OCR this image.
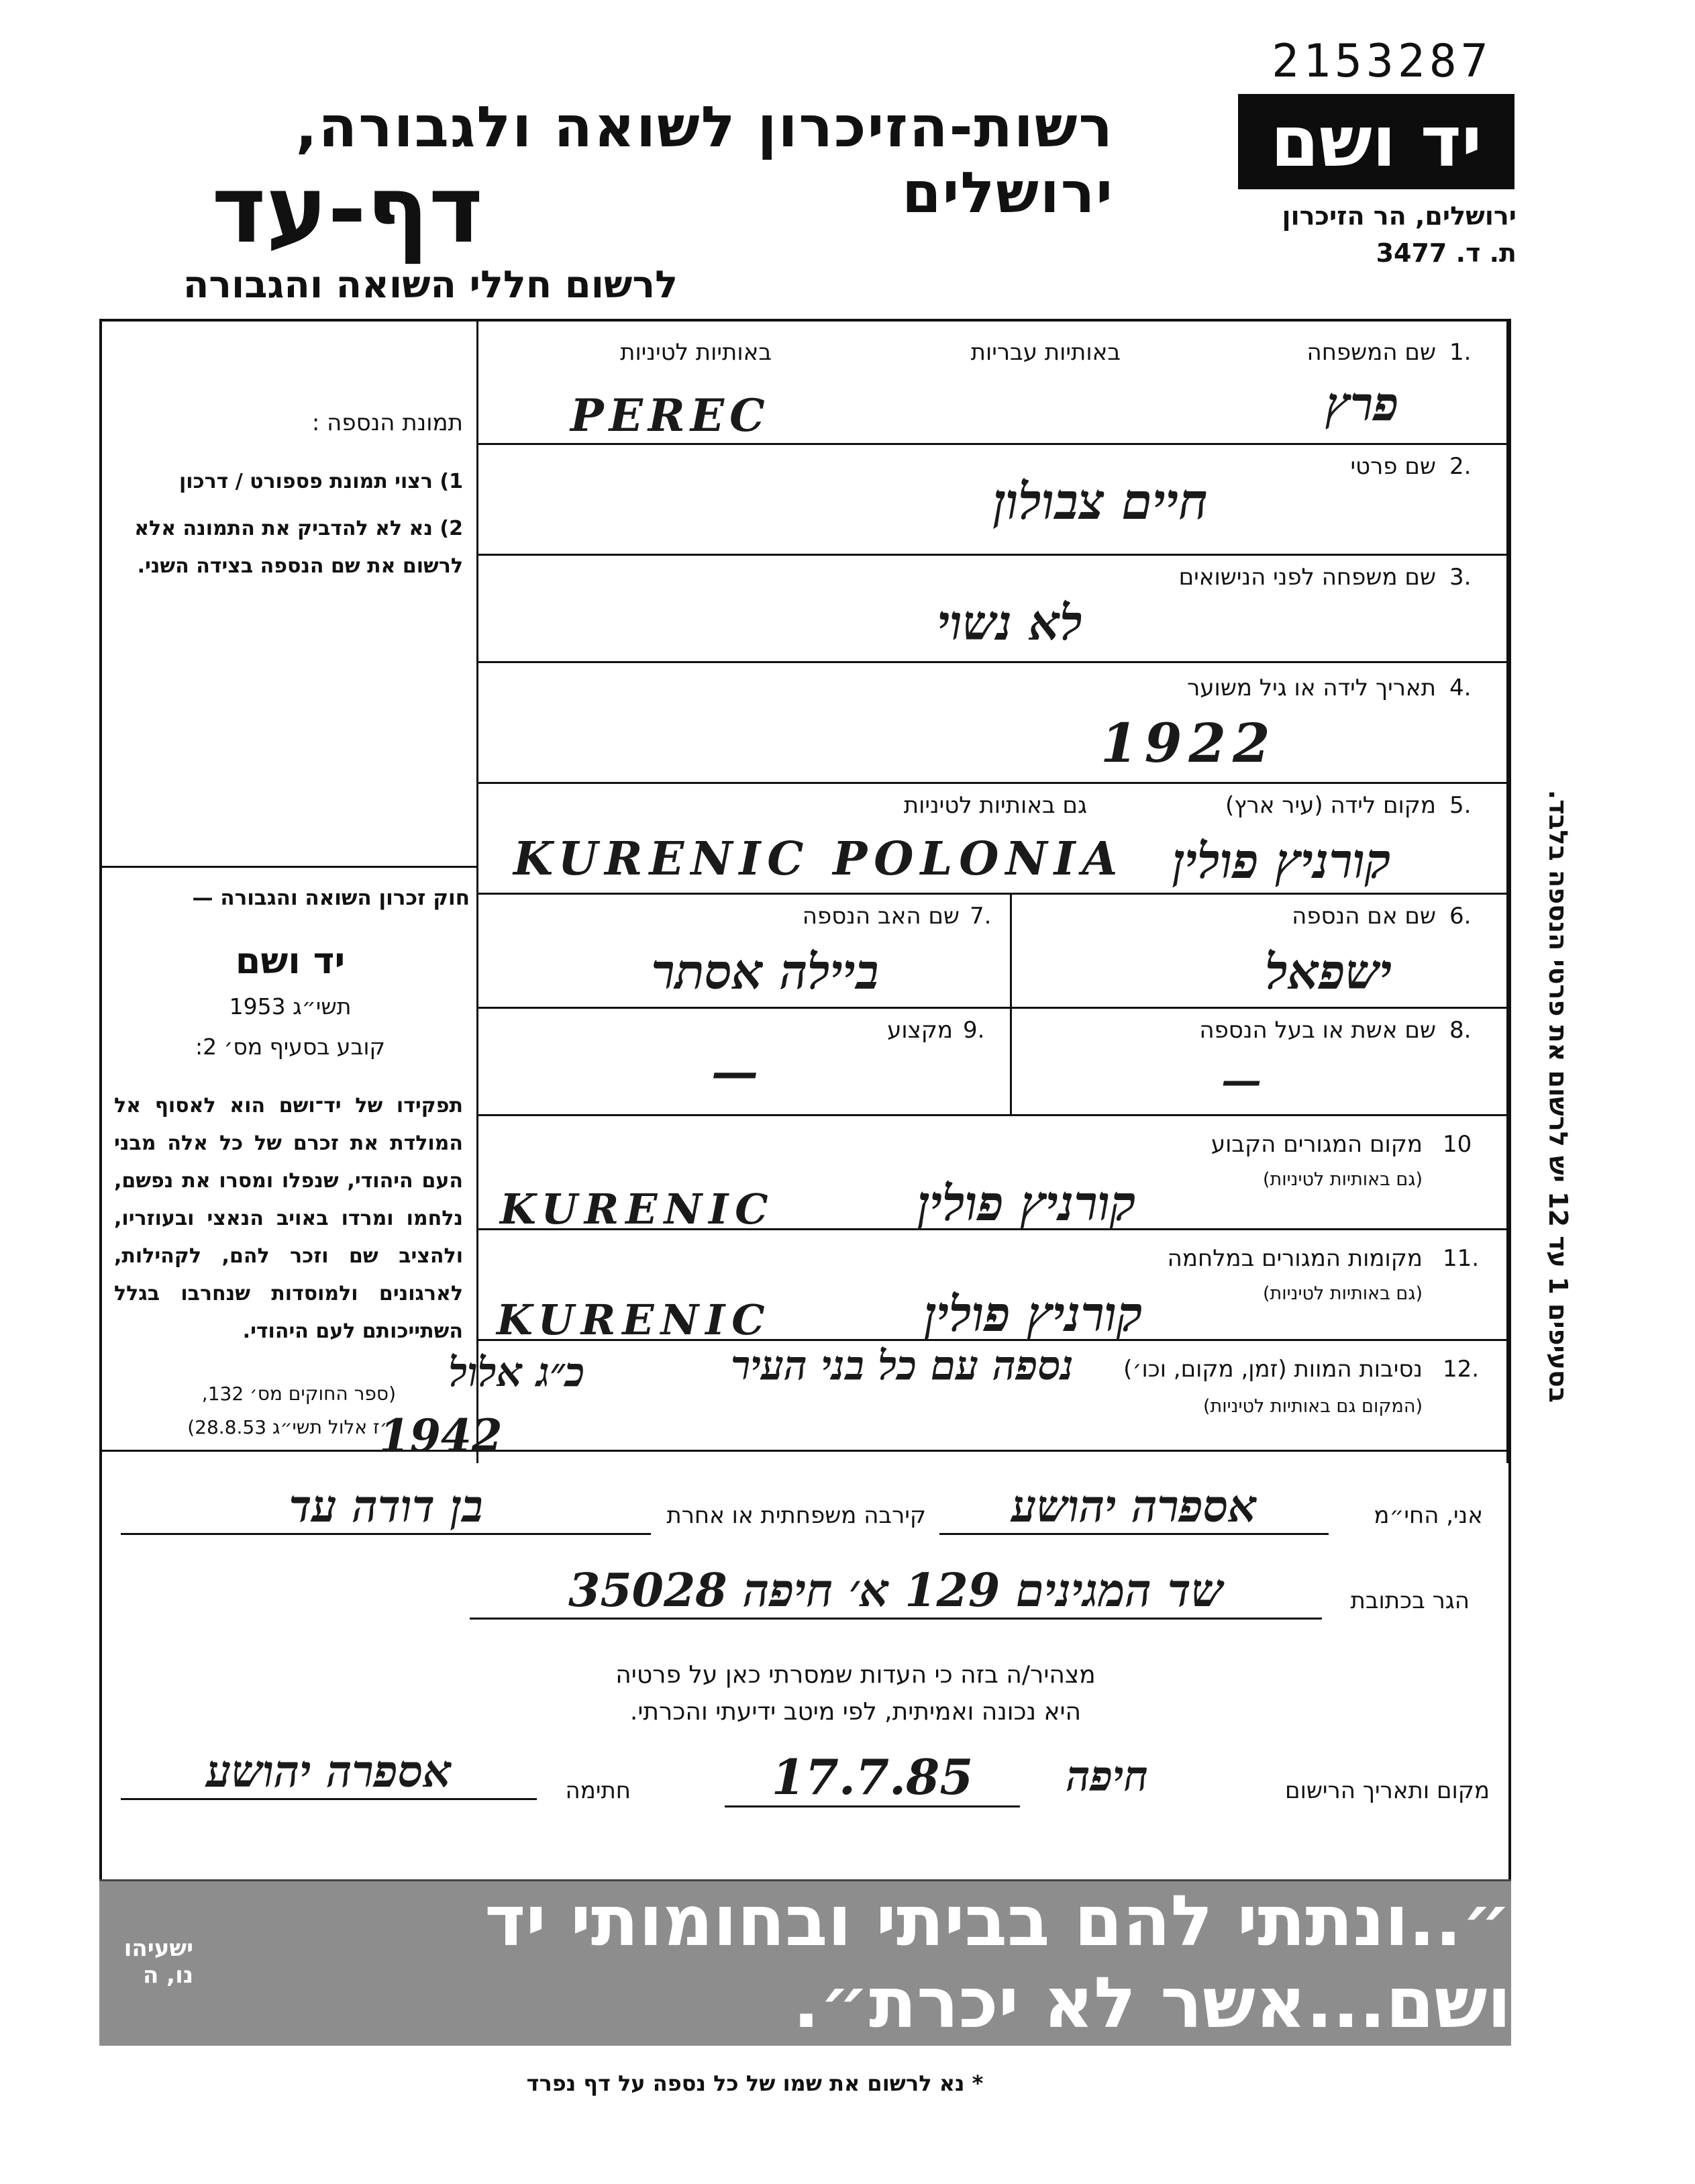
2153287
רשות-הזיכרון לשואה ולגבורה, ירושלים
דף-עד
לרשום חללי השואה והגבורה
יד ושם
ירושלים, הר הזיכרון
ת. ד. 3477
1.
שם המשפחה
באותיות עבריות
באותיות לטיניות
PEREC	פרץ
2.
שם פרטי
חיים צבולון
3.
שם משפחה לפני הנישואים
לא נשוי
4.
תאריך לידה או גיל משוער
1922
5.
מקום לידה (עיר ארץ)
גם באותיות לטיניות
KURENIC POLONIA קורניץ פולין
6.
שם אם הנספה
ישפאל
7.
שם האב הנספה
ביילה אסתר
8.
שם אשת או בעל הנספה
—
9.
מקצוע
—
10
מקום המגורים הקבוע
(גם באותיות לטיניות)
KURENIC	קורניץ פולין
11.
מקומות המגורים במלחמה
(גם באותיות לטיניות)
KURENIC	קורניץ פולין
12.
נסיבות המוות (זמן, מקום, וכו׳)
(המקום גם באותיות לטיניות)
נספה עם כל בני העיר
כ״ג אלול
1942
תמונת הנספה :
1) רצוי תמונת פספורט / דרכון
2) נא לא להדביק את התמונה אלא לרשום את שם הנספה בצידה השני.
חוק זכרון השואה והגבורה —
יד ושם
תשי״ג 1953
קובע בסעיף מס׳ 2:
תפקידו של יד־ושם הוא לאסוף אל המולדת את זכרם של כל אלה מבני העם היהודי, שנפלו ומסרו את נפשם, נלחמו ומרדו באויב הנאצי ובעוזריו, ולהציב שם וזכר להם, לקהילות, לארגונים ולמוסדות שנחרבו בגלל השתייכותם לעם היהודי.
(ספר החוקים מס׳ 132,
י״ז אלול תשי״ג 28.8.53)
אני, החי״מ
אספרה יהושע
קירבה משפחתית או אחרת
בן דודה עד
הגר בכתובת
שד המגינים 129 א׳ חיפה 35028
מצהיר/ה בזה כי העדות שמסרתי כאן על פרטיה
היא נכונה ואמיתית, לפי מיטב ידיעתי והכרתי.
מקום ותאריך הרישום
חיפה
17.7.85
חתימה
אספרה יהושע
״..ונתתי להם בביתי ובחומותי יד ושם...אשר לא יכרת״.
ישעיהו נו, ה
* נא לרשום את שמו של כל נספה על דף נפרד
בסעיפים 1 עד 12 יש לרשום את פרטי הנספה בלבד.
